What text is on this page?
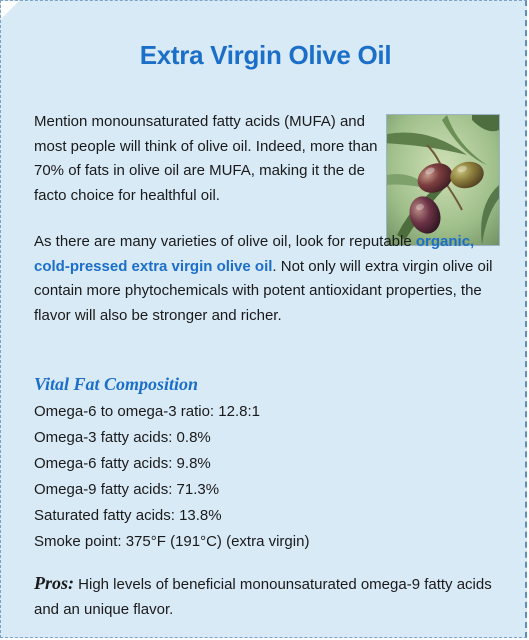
Extra Virgin Olive Oil

Mention monounsaturated fatty acids (MUFA) and most people will think of olive oil. Indeed, more than 70% of fats in olive oil are MUFA, making it the de facto choice for healthful oil.

As there are many varieties of olive oil, look for reputable organic, cold-pressed extra virgin olive oil. Not only will extra virgin olive oil contain more phytochemicals with potent antioxidant properties, the flavor will also be stronger and richer.

Vital Fat Composition
Omega-6 to omega-3 ratio: 12.8:1
Omega-3 fatty acids: 0.8%
Omega-6 fatty acids: 9.8%
Omega-9 fatty acids: 71.3%
Saturated fatty acids: 13.8%
Smoke point: 375°F (191°C) (extra virgin)

Pros: High levels of beneficial monounsaturated omega-9 fatty acids and an unique flavor.
